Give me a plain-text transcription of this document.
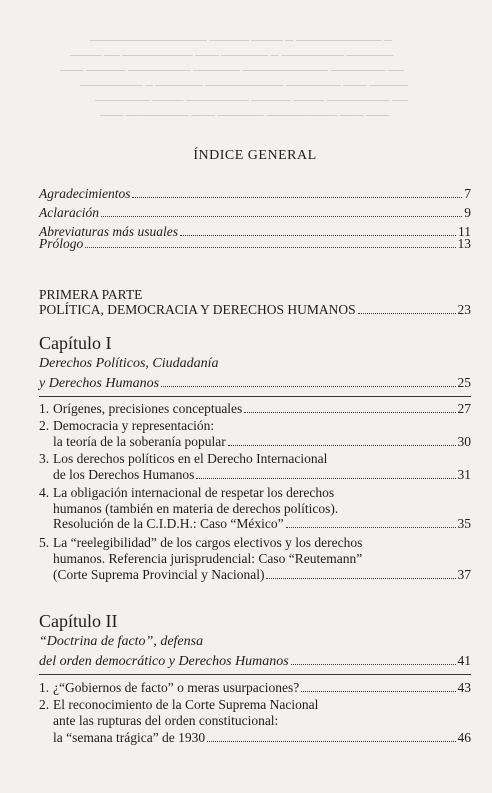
─────────────── ───── ──── ─ ─────────── ─
──── ── ───────── ─── ────── ─ ──────── ──────
─── ───── ──────── ────── ─────────── ─────── ──
──────── ─ ────── ────────── ─────── ─── ─────
─────── ──── ──────── ───── ──── ──────── ──
─── ──────── ─── ────── ───────── ─── ───
ÍNDICE GENERAL
Agradecimientos	7
Aclaración	9
Abreviaturas más usuales	11
Prólogo	13
PRIMERA PARTE
POLÍTICA, DEMOCRACIA Y DERECHOS HUMANOS	23
Capítulo I
Derechos Políticos, Ciudadanía
y Derechos Humanos	25
1. Orígenes, precisiones conceptuales	27
2. Democracia y representación:
la teoría de la soberanía popular	30
3. Los derechos políticos en el Derecho Internacional
de los Derechos Humanos	31
4. La obligación internacional de respetar los derechos
humanos (también en materia de derechos políticos).
Resolución de la C.I.D.H.: Caso “México”	35
5. La “reelegibilidad” de los cargos electivos y los derechos
humanos. Referencia jurisprudencial: Caso “Reutemann”
(Corte Suprema Provincial y Nacional)	37
Capítulo II
“Doctrina de facto”, defensa
del orden democrático y Derechos Humanos	41
1. ¿“Gobiernos de facto” o meras usurpaciones?	43
2. El reconocimiento de la Corte Suprema Nacional
ante las rupturas del orden constitucional:
la “semana trágica” de 1930	46
